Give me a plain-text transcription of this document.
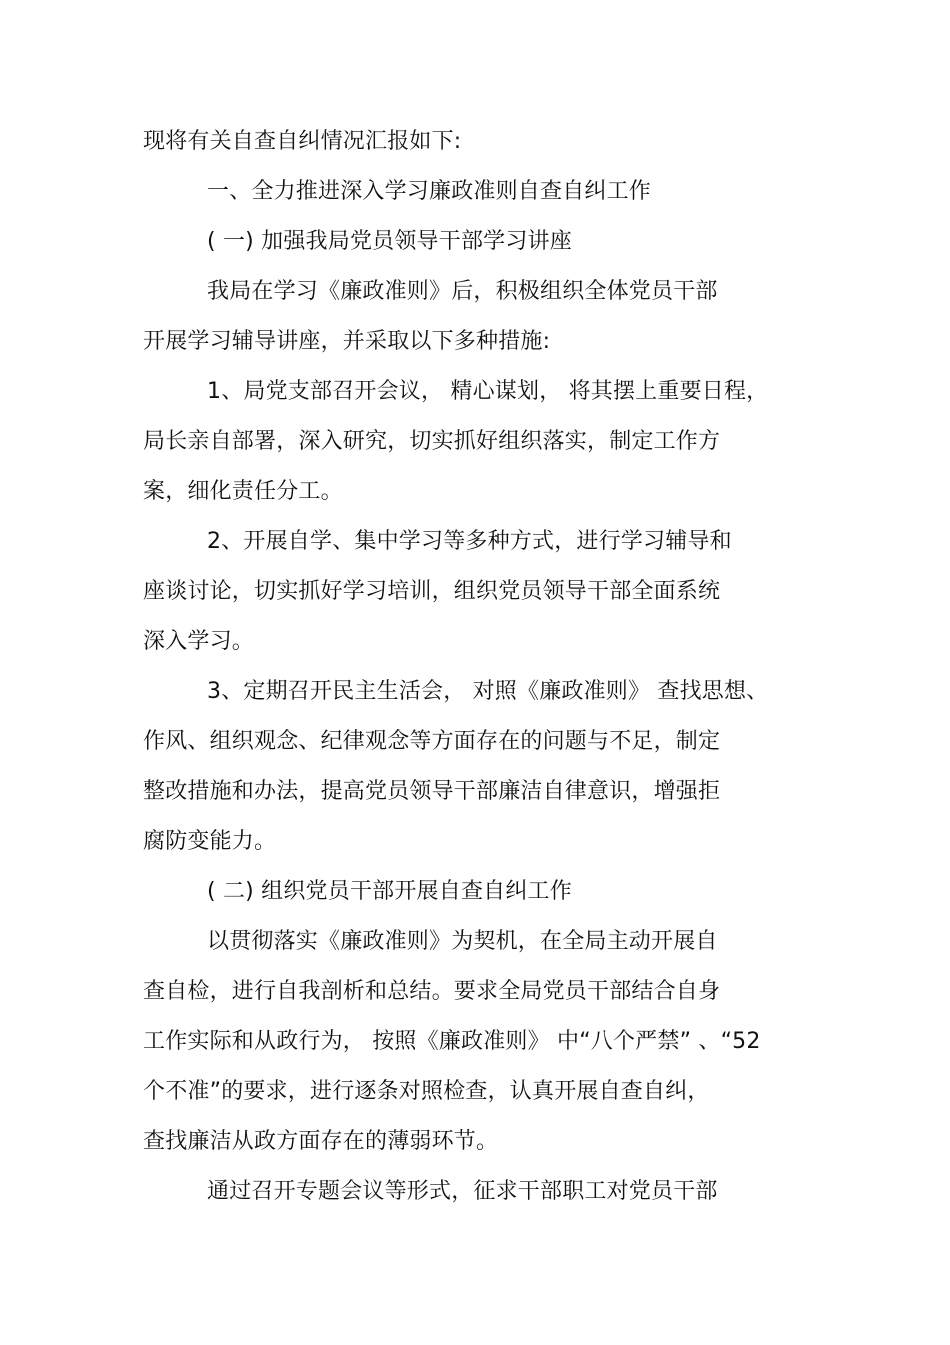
现将有关自查自纠情况汇报如下:
一、全力推进深入学习廉政准则自查自纠工作
( 一) 加强我局党员领导干部学习讲座
我局在学习《廉政准则》后，积极组织全体党员干部
开展学习辅导讲座，并采取以下多种措施:
1、局党支部召开会议， 精心谋划， 将其摆上重要日程，
局长亲自部署，深入研究，切实抓好组织落实，制定工作方
案，细化责任分工。
2、开展自学、集中学习等多种方式，进行学习辅导和
座谈讨论，切实抓好学习培训，组织党员领导干部全面系统
深入学习。
3、定期召开民主生活会， 对照《廉政准则》 查找思想、
作风、组织观念、纪律观念等方面存在的问题与不足，制定
整改措施和办法，提高党员领导干部廉洁自律意识，增强拒
腐防变能力。
( 二) 组织党员干部开展自查自纠工作
以贯彻落实《廉政准则》为契机，在全局主动开展自
查自检，进行自我剖析和总结。要求全局党员干部结合自身
工作实际和从政行为， 按照《廉政准则》 中“八个严禁” 、“52
个不准”的要求，进行逐条对照检查，认真开展自查自纠，
查找廉洁从政方面存在的薄弱环节。
通过召开专题会议等形式，征求干部职工对党员干部
